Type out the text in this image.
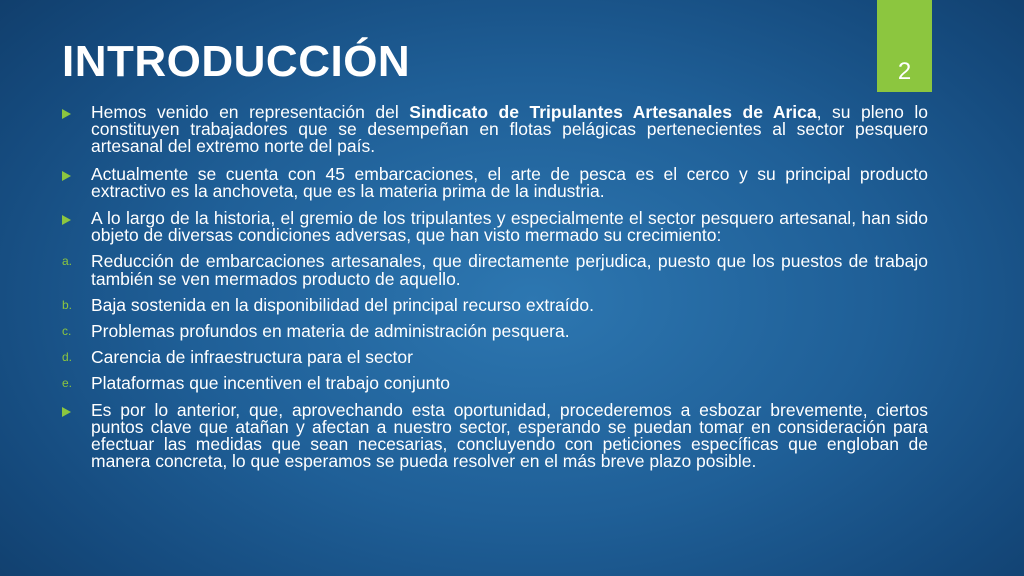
INTRODUCCIÓN	2
Hemos venido en representación del Sindicato de Tripulantes Artesanales de Arica, su pleno lo constituyen trabajadores que se desempeñan en flotas pelágicas pertenecientes al sector pesquero artesanal del extremo norte del país.
Actualmente se cuenta con 45 embarcaciones, el arte de pesca es el cerco y su principal producto extractivo es la anchoveta, que es la materia prima de la industria.
A lo largo de la historia, el gremio de los tripulantes y especialmente el sector pesquero artesanal, han sido objeto de diversas condiciones adversas, que han visto mermado su crecimiento:
a. Reducción de embarcaciones artesanales, que directamente perjudica, puesto que los puestos de trabajo también se ven mermados producto de aquello.
b. Baja sostenida en la disponibilidad del principal recurso extraído.
c. Problemas profundos en materia de administración pesquera.
d. Carencia de infraestructura para el sector
e. Plataformas que incentiven el trabajo conjunto
Es por lo anterior, que, aprovechando esta oportunidad, procederemos a esbozar brevemente, ciertos puntos clave que atañan y afectan a nuestro sector, esperando se puedan tomar en consideración para efectuar las medidas que sean necesarias, concluyendo con peticiones específicas que engloban de manera concreta, lo que esperamos se pueda resolver en el más breve plazo posible.
